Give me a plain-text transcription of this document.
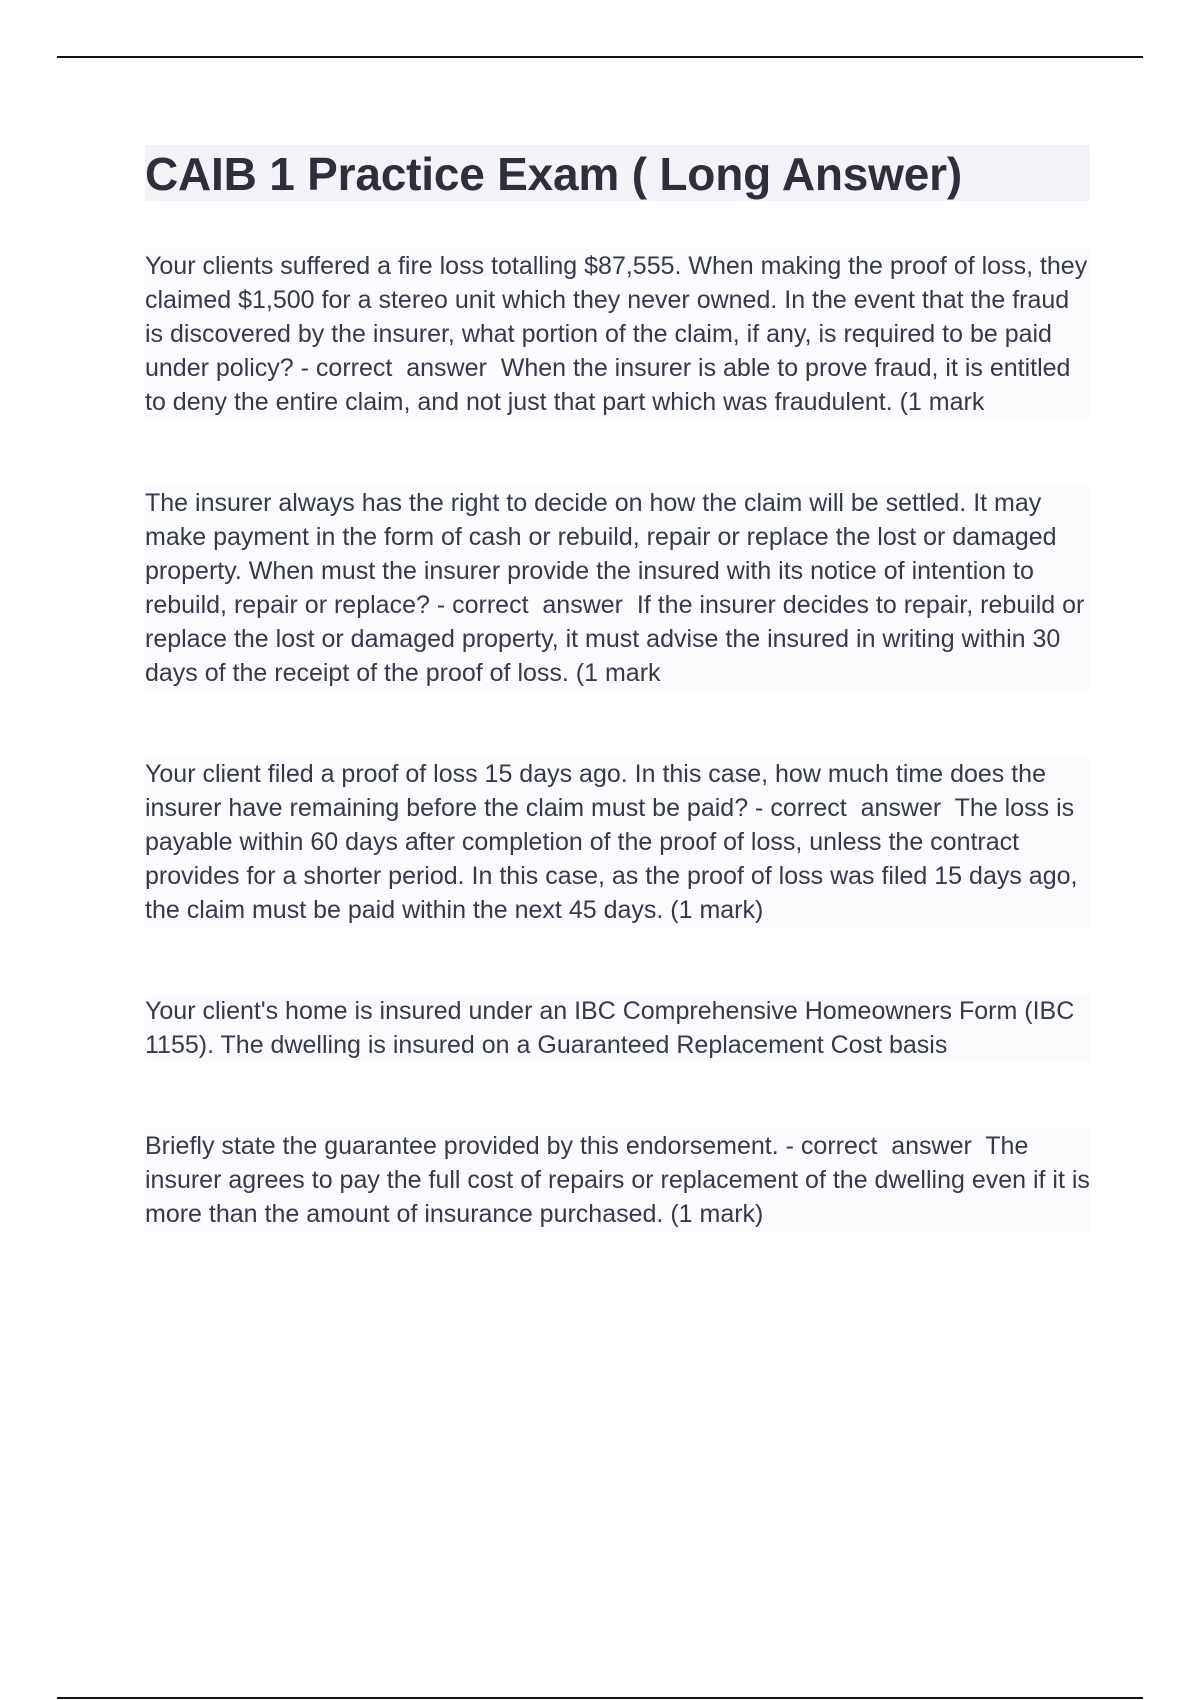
CAIB 1 Practice Exam ( Long Answer)

Your clients suffered a fire loss totalling $87,555. When making the proof of loss, they claimed $1,500 for a stereo unit which they never owned. In the event that the fraud is discovered by the insurer, what portion of the claim, if any, is required to be paid under policy? - correct  answer  When the insurer is able to prove fraud, it is entitled to deny the entire claim, and not just that part which was fraudulent. (1 mark

The insurer always has the right to decide on how the claim will be settled. It may make payment in the form of cash or rebuild, repair or replace the lost or damaged property. When must the insurer provide the insured with its notice of intention to rebuild, repair or replace? - correct  answer  If the insurer decides to repair, rebuild or replace the lost or damaged property, it must advise the insured in writing within 30 days of the receipt of the proof of loss. (1 mark

Your client filed a proof of loss 15 days ago. In this case, how much time does the insurer have remaining before the claim must be paid? - correct  answer  The loss is payable within 60 days after completion of the proof of loss, unless the contract provides for a shorter period. In this case, as the proof of loss was filed 15 days ago, the claim must be paid within the next 45 days. (1 mark)

Your client's home is insured under an IBC Comprehensive Homeowners Form (IBC 1155). The dwelling is insured on a Guaranteed Replacement Cost basis

Briefly state the guarantee provided by this endorsement. - correct  answer  The insurer agrees to pay the full cost of repairs or replacement of the dwelling even if it is more than the amount of insurance purchased. (1 mark)
